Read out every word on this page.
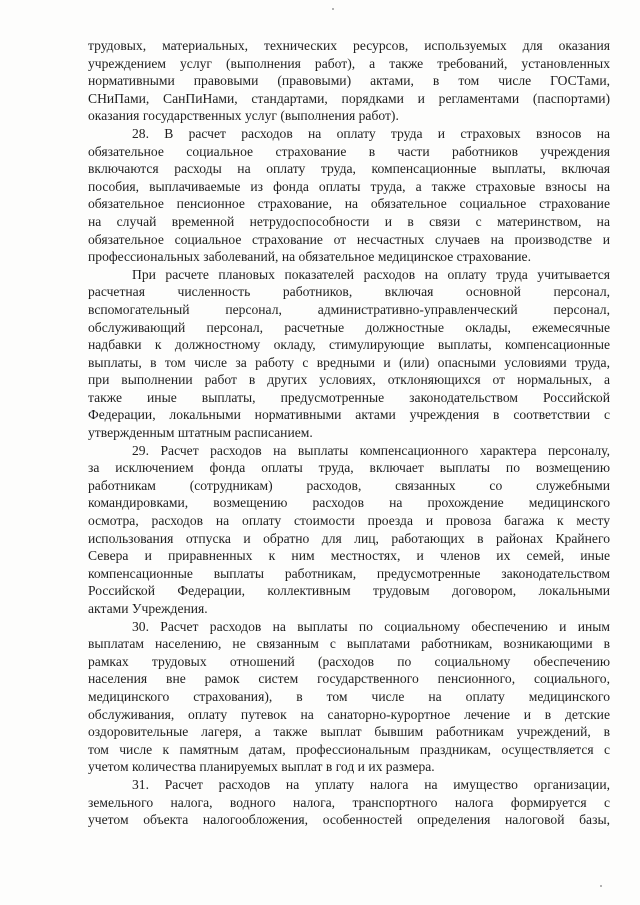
трудовых, материальных, технических ресурсов, используемых для оказания
учреждением услуг (выполнения работ), а также требований, установленных
нормативными правовыми (правовыми) актами, в том числе ГОСТами,
СНиПами, СанПиНами, стандартами, порядками и регламентами (паспортами)
оказания государственных услуг (выполнения работ).
28. В расчет расходов на оплату труда и страховых взносов на
обязательное социальное страхование в части работников учреждения
включаются расходы на оплату труда, компенсационные выплаты, включая
пособия, выплачиваемые из фонда оплаты труда, а также страховые взносы на
обязательное пенсионное страхование, на обязательное социальное страхование
на случай временной нетрудоспособности и в связи с материнством, на
обязательное социальное страхование от несчастных случаев на производстве и
профессиональных заболеваний, на обязательное медицинское страхование.
При расчете плановых показателей расходов на оплату труда учитывается
расчетная численность работников, включая основной персонал,
вспомогательный персонал, административно-управленческий персонал,
обслуживающий персонал, расчетные должностные оклады, ежемесячные
надбавки к должностному окладу, стимулирующие выплаты, компенсационные
выплаты, в том числе за работу с вредными и (или) опасными условиями труда,
при выполнении работ в других условиях, отклоняющихся от нормальных, а
также иные выплаты, предусмотренные законодательством Российской
Федерации, локальными нормативными актами учреждения в соответствии с
утвержденным штатным расписанием.
29. Расчет расходов на выплаты компенсационного характера персоналу,
за исключением фонда оплаты труда, включает выплаты по возмещению
работникам (сотрудникам) расходов, связанных со служебными
командировками, возмещению расходов на прохождение медицинского
осмотра, расходов на оплату стоимости проезда и провоза багажа к месту
использования отпуска и обратно для лиц, работающих в районах Крайнего
Севера и приравненных к ним местностях, и членов их семей, иные
компенсационные выплаты работникам, предусмотренные законодательством
Российской Федерации, коллективным трудовым договором, локальными
актами Учреждения.
30. Расчет расходов на выплаты по социальному обеспечению и иным
выплатам населению, не связанным с выплатами работникам, возникающими в
рамках трудовых отношений (расходов по социальному обеспечению
населения вне рамок систем государственного пенсионного, социального,
медицинского страхования), в том числе на оплату медицинского
обслуживания, оплату путевок на санаторно-курортное лечение и в детские
оздоровительные лагеря, а также выплат бывшим работникам учреждений, в
том числе к памятным датам, профессиональным праздникам, осуществляется с
учетом количества планируемых выплат в год и их размера.
31. Расчет расходов на уплату налога на имущество организации,
земельного налога, водного налога, транспортного налога формируется с
учетом объекта налогообложения, особенностей определения налоговой базы,
